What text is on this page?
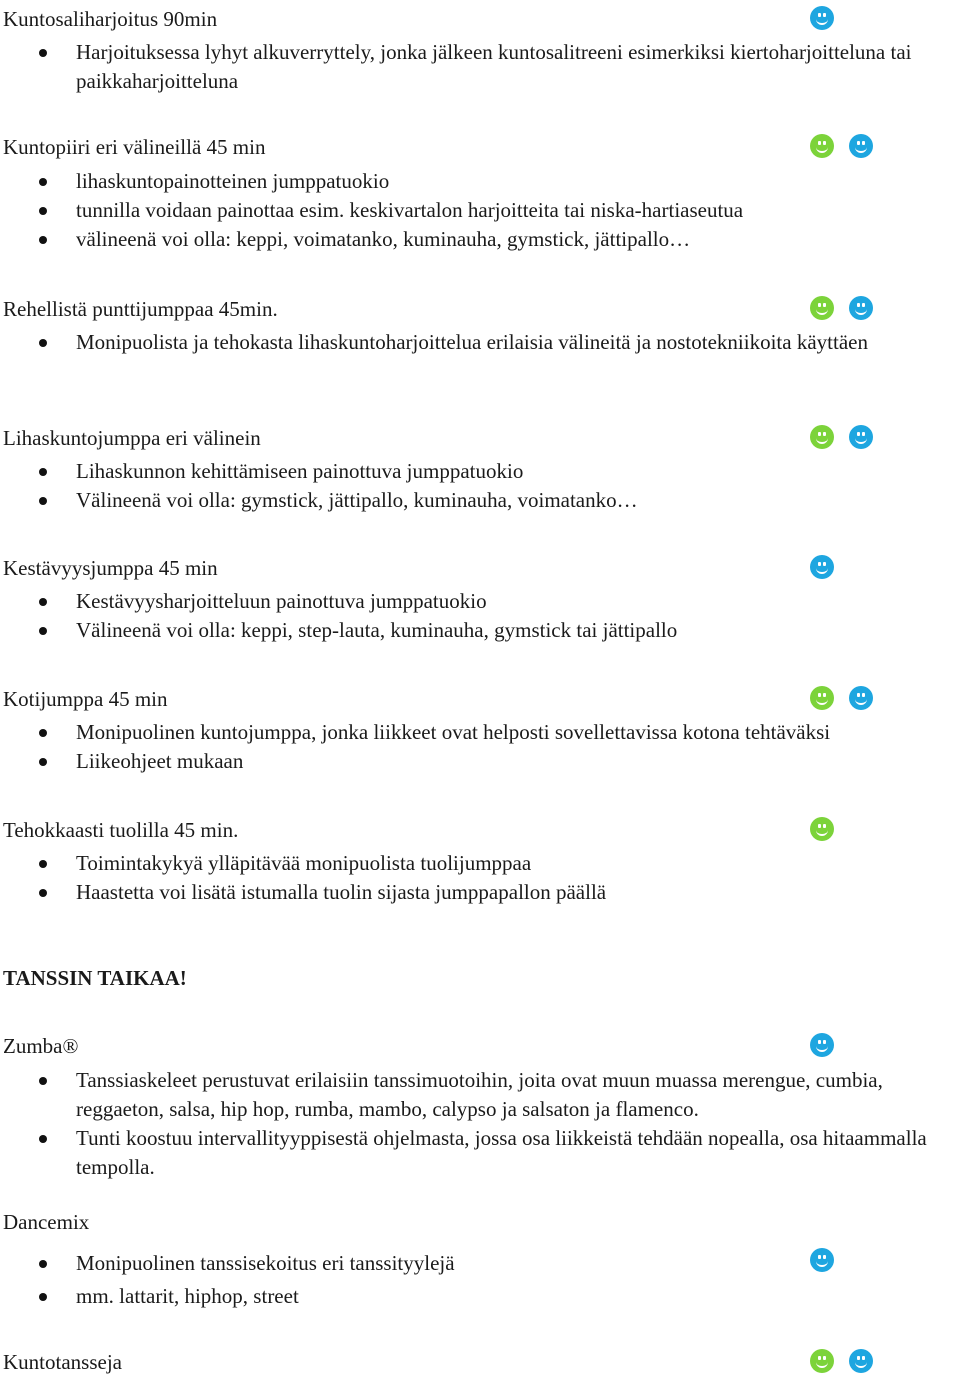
Kuntosaliharjoitus 90min
Harjoituksessa lyhyt alkuverryttely, jonka jälkeen kuntosalitreeni esimerkiksi kiertoharjoitteluna tai paikkaharjoitteluna
Kuntopiiri eri välineillä 45 min
lihaskuntopainotteinen jumppatuokio
tunnilla voidaan painottaa esim. keskivartalon harjoitteita tai niska-hartiaseutua
välineenä voi olla: keppi, voimatanko, kuminauha, gymstick, jättipallo…
Rehellistä punttijumppaa 45min.
Monipuolista ja tehokasta lihaskuntoharjoittelua erilaisia välineitä ja nostotekniikoita käyttäen
Lihaskuntojumppa eri välinein
Lihaskunnon kehittämiseen painottuva jumppatuokio
Välineenä voi olla: gymstick, jättipallo, kuminauha, voimatanko…
Kestävyysjumppa 45 min
Kestävyysharjoitteluun painottuva jumppatuokio
Välineenä voi olla: keppi, step-lauta, kuminauha, gymstick tai jättipallo
Kotijumppa 45 min
Monipuolinen kuntojumppa, jonka liikkeet ovat helposti sovellettavissa kotona tehtäväksi
Liikeohjeet mukaan
Tehokkaasti tuolilla 45 min.
Toimintakykyä ylläpitävää monipuolista tuolijumppaa
Haastetta voi lisätä istumalla tuolin sijasta jumppapallon päällä
TANSSIN TAIKAA!
Zumba®
Tanssiaskeleet perustuvat erilaisiin tanssimuotoihin, joita ovat muun muassa merengue, cumbia, reggaeton, salsa, hip hop, rumba, mambo, calypso ja salsaton ja flamenco.
Tunti koostuu intervallityyppisestä ohjelmasta, jossa osa liikkeistä tehdään nopealla, osa hitaammalla tempolla.
Dancemix
Monipuolinen tanssisekoitus eri tanssityylejä
mm. lattarit, hiphop, street
Kuntotansseja
